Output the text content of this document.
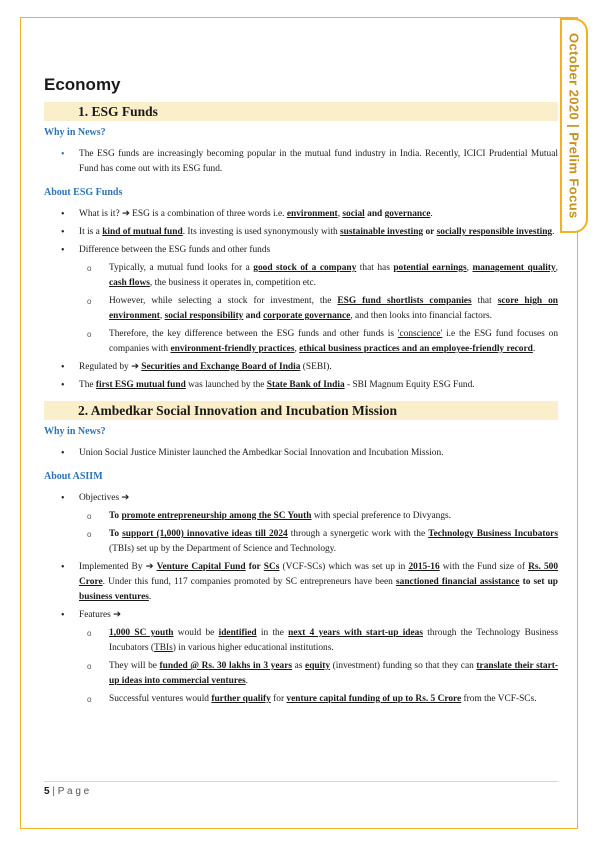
October 2020 | Prelim Focus
Economy
1. ESG Funds
Why in News?
• The ESG funds are increasingly becoming popular in the mutual fund industry in India. Recently, ICICI Prudential Mutual Fund has come out with its ESG fund.
About ESG Funds
• What is it? ➔ ESG is a combination of three words i.e. environment, social and governance.
• It is a kind of mutual fund. Its investing is used synonymously with sustainable investing or socially responsible investing.
• Difference between the ESG funds and other funds
o Typically, a mutual fund looks for a good stock of a company that has potential earnings, management quality, cash flows, the business it operates in, competition etc.
o However, while selecting a stock for investment, the ESG fund shortlists companies that score high on environment, social responsibility and corporate governance, and then looks into financial factors.
o Therefore, the key difference between the ESG funds and other funds is 'conscience' i.e the ESG fund focuses on companies with environment-friendly practices, ethical business practices and an employee-friendly record.
• Regulated by ➔ Securities and Exchange Board of India (SEBI).
• The first ESG mutual fund was launched by the State Bank of India - SBI Magnum Equity ESG Fund.
2. Ambedkar Social Innovation and Incubation Mission
Why in News?
• Union Social Justice Minister launched the Ambedkar Social Innovation and Incubation Mission.
About ASIIM
• Objectives ➔
o To promote entrepreneurship among the SC Youth with special preference to Divyangs.
o To support (1,000) innovative ideas till 2024 through a synergetic work with the Technology Business Incubators (TBIs) set up by the Department of Science and Technology.
• Implemented By ➔ Venture Capital Fund for SCs (VCF-SCs) which was set up in 2015-16 with the Fund size of Rs. 500 Crore. Under this fund, 117 companies promoted by SC entrepreneurs have been sanctioned financial assistance to set up business ventures.
• Features ➔
o 1,000 SC youth would be identified in the next 4 years with start-up ideas through the Technology Business Incubators (TBIs) in various higher educational institutions.
o They will be funded @ Rs. 30 lakhs in 3 years as equity (investment) funding so that they can translate their start-up ideas into commercial ventures.
o Successful ventures would further qualify for venture capital funding of up to Rs. 5 Crore from the VCF-SCs.
5 | P a g e
